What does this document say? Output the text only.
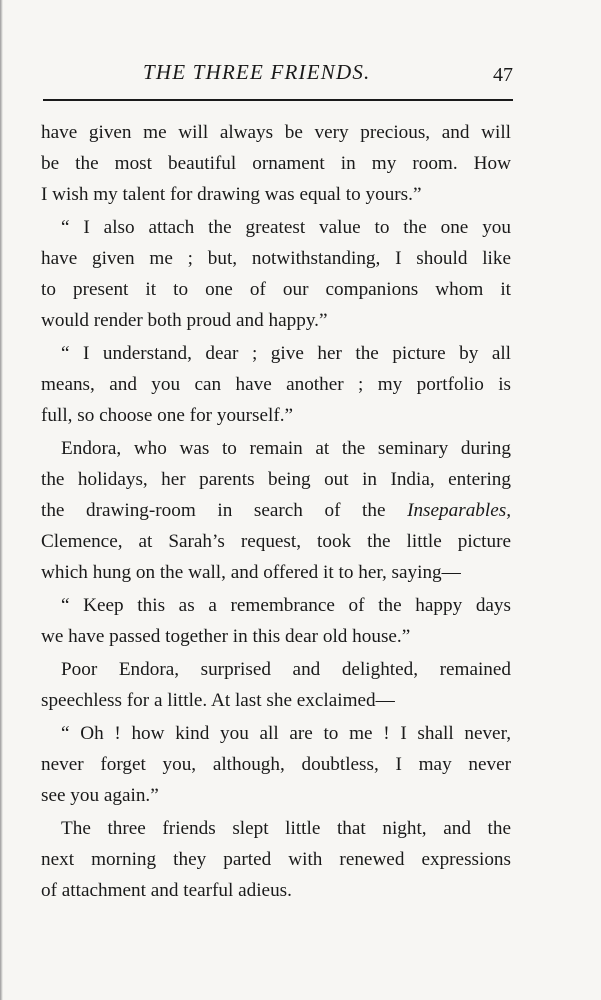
THE THREE FRIENDS.	47
have given me will always be very precious, and will
be the most beautiful ornament in my room. How
I wish my talent for drawing was equal to yours.”
“ I also attach the greatest value to the one you
have given me ; but, notwithstanding, I should like
to present it to one of our companions whom it
would render both proud and happy.”
“ I understand, dear ; give her the picture by all
means, and you can have another ; my portfolio is
full, so choose one for yourself.”
Endora, who was to remain at the seminary during
the holidays, her parents being out in India, entering
the drawing-room in search of the Inseparables,
Clemence, at Sarah’s request, took the little picture
which hung on the wall, and offered it to her, saying—
“ Keep this as a remembrance of the happy days
we have passed together in this dear old house.”
Poor Endora, surprised and delighted, remained
speechless for a little. At last she exclaimed—
“ Oh ! how kind you all are to me ! I shall never,
never forget you, although, doubtless, I may never
see you again.”
The three friends slept little that night, and the
next morning they parted with renewed expressions
of attachment and tearful adieus.
